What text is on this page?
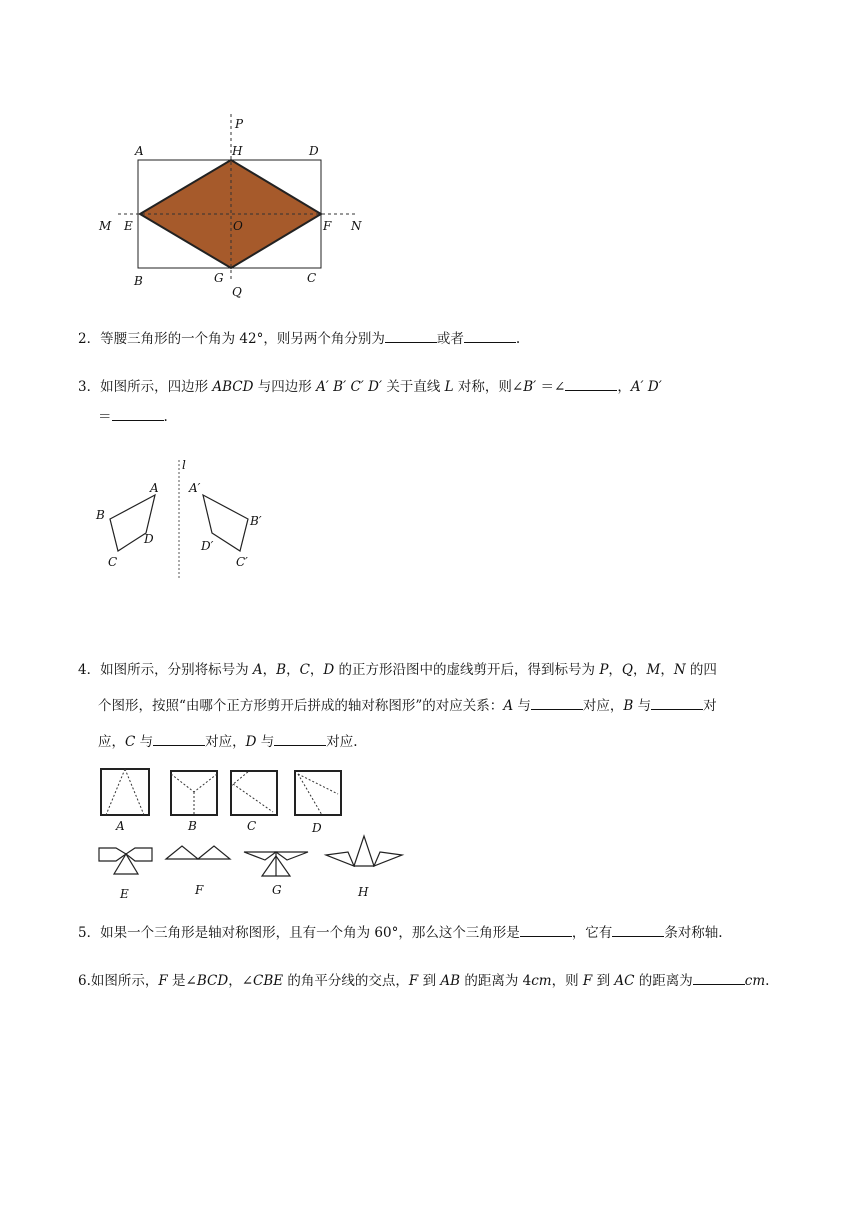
A	H	D
P
M E	O	F N
B	G
Q
C
2．等腰三角形的一个角为 42°，则另两个角分别为	或者	.
3．如图所示，四边形 ABCD 与四边形 A′ B′ C′ D′ 关于直线 L 对称，则∠B′ ＝∠	，A′ D′
＝	.
l
A
B
C
D
A′
B′
C′
D′
4．如图所示，分别将标号为 A，B，C，D 的正方形沿图中的虚线剪开后，得到标号为 P，Q，M，N 的四
个图形，按照“由哪个正方形剪开后拼成的轴对称图形”的对应关系：A 与	对应，B 与	对
应，C 与	对应，D 与	对应.
A	B	C	D
E	F	G	H
5．如果一个三角形是轴对称图形，且有一个角为 60°，那么这个三角形是	，它有	条对称轴.
6.如图所示，F 是∠BCD，∠CBE 的角平分线的交点，F 到 AB 的距离为 4cm，则 F 到 AC 的距离为	cm.
